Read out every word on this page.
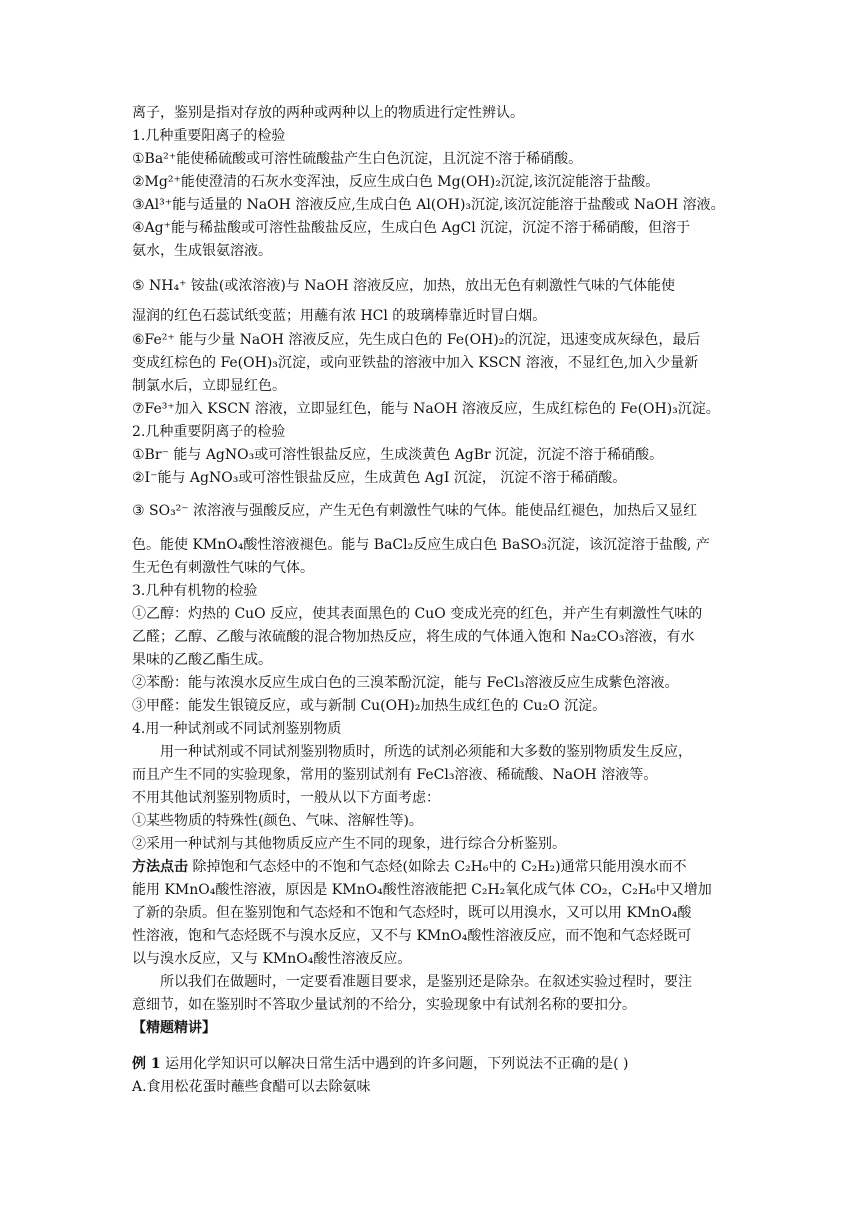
离子，鉴别是指对存放的两种或两种以上的物质进行定性辨认。
1.几种重要阳离子的检验
①Ba²⁺能使稀硫酸或可溶性硫酸盐产生白色沉淀，且沉淀不溶于稀硝酸。
②Mg²⁺能使澄清的石灰水变浑浊，反应生成白色 Mg(OH)₂沉淀,该沉淀能溶于盐酸。
③Al³⁺能与适量的 NaOH 溶液反应,生成白色 Al(OH)₃沉淀,该沉淀能溶于盐酸或 NaOH 溶液。
④Ag⁺能与稀盐酸或可溶性盐酸盐反应，生成白色 AgCl 沉淀，沉淀不溶于稀硝酸，但溶于
氨水，生成银氨溶液。
⑤ NH₄⁺ 铵盐(或浓溶液)与 NaOH 溶液反应，加热，放出无色有刺激性气味的气体能使
湿润的红色石蕊试纸变蓝；用蘸有浓 HCl 的玻璃棒靠近时冒白烟。
⑥Fe²⁺ 能与少量 NaOH 溶液反应，先生成白色的 Fe(OH)₂的沉淀，迅速变成灰绿色，最后
变成红棕色的 Fe(OH)₃沉淀，或向亚铁盐的溶液中加入 KSCN 溶液，不显红色,加入少量新
制氯水后，立即显红色。
⑦Fe³⁺加入 KSCN 溶液，立即显红色，能与 NaOH 溶液反应，生成红棕色的 Fe(OH)₃沉淀。
2.几种重要阴离子的检验
①Br⁻ 能与 AgNO₃或可溶性银盐反应，生成淡黄色 AgBr 沉淀，沉淀不溶于稀硝酸。
②I⁻能与 AgNO₃或可溶性银盐反应，生成黄色 AgI 沉淀， 沉淀不溶于稀硝酸。
③ SO₃²⁻ 浓溶液与强酸反应，产生无色有刺激性气味的气体。能使品红褪色，加热后又显红
色。能使 KMnO₄酸性溶液褪色。能与 BaCl₂反应生成白色 BaSO₃沉淀，该沉淀溶于盐酸, 产
生无色有刺激性气味的气体。
3.几种有机物的检验
①乙醇：灼热的 CuO 反应，使其表面黑色的 CuO 变成光亮的红色，并产生有刺激性气味的
乙醛；乙醇、乙酸与浓硫酸的混合物加热反应，将生成的气体通入饱和 Na₂CO₃溶液，有水
果味的乙酸乙酯生成。
②苯酚：能与浓溴水反应生成白色的三溴苯酚沉淀，能与 FeCl₃溶液反应生成紫色溶液。
③甲醛：能发生银镜反应，或与新制 Cu(OH)₂加热生成红色的 Cu₂O 沉淀。
4.用一种试剂或不同试剂鉴别物质
用一种试剂或不同试剂鉴别物质时，所选的试剂必须能和大多数的鉴别物质发生反应，
而且产生不同的实验现象，常用的鉴别试剂有 FeCl₃溶液、稀硫酸、NaOH 溶液等。
不用其他试剂鉴别物质时，一般从以下方面考虑：
①某些物质的特殊性(颜色、气味、溶解性等)。
②采用一种试剂与其他物质反应产生不同的现象，进行综合分析鉴别。
方法点击 除掉饱和气态烃中的不饱和气态烃(如除去 C₂H₆中的 C₂H₂)通常只能用溴水而不
能用 KMnO₄酸性溶液，原因是 KMnO₄酸性溶液能把 C₂H₂氧化成气体 CO₂，C₂H₆中又增加
了新的杂质。但在鉴别饱和气态烃和不饱和气态烃时，既可以用溴水，又可以用 KMnO₄酸
性溶液，饱和气态烃既不与溴水反应，又不与 KMnO₄酸性溶液反应，而不饱和气态烃既可
以与溴水反应，又与 KMnO₄酸性溶液反应。
所以我们在做题时，一定要看准题目要求，是鉴别还是除杂。在叙述实验过程时，要注
意细节，如在鉴别时不答取少量试剂的不给分，实验现象中有试剂名称的要扣分。
【精题精讲】
例 1 运用化学知识可以解决日常生活中遇到的许多问题，下列说法不正确的是( )
A.食用松花蛋时蘸些食醋可以去除氨味
